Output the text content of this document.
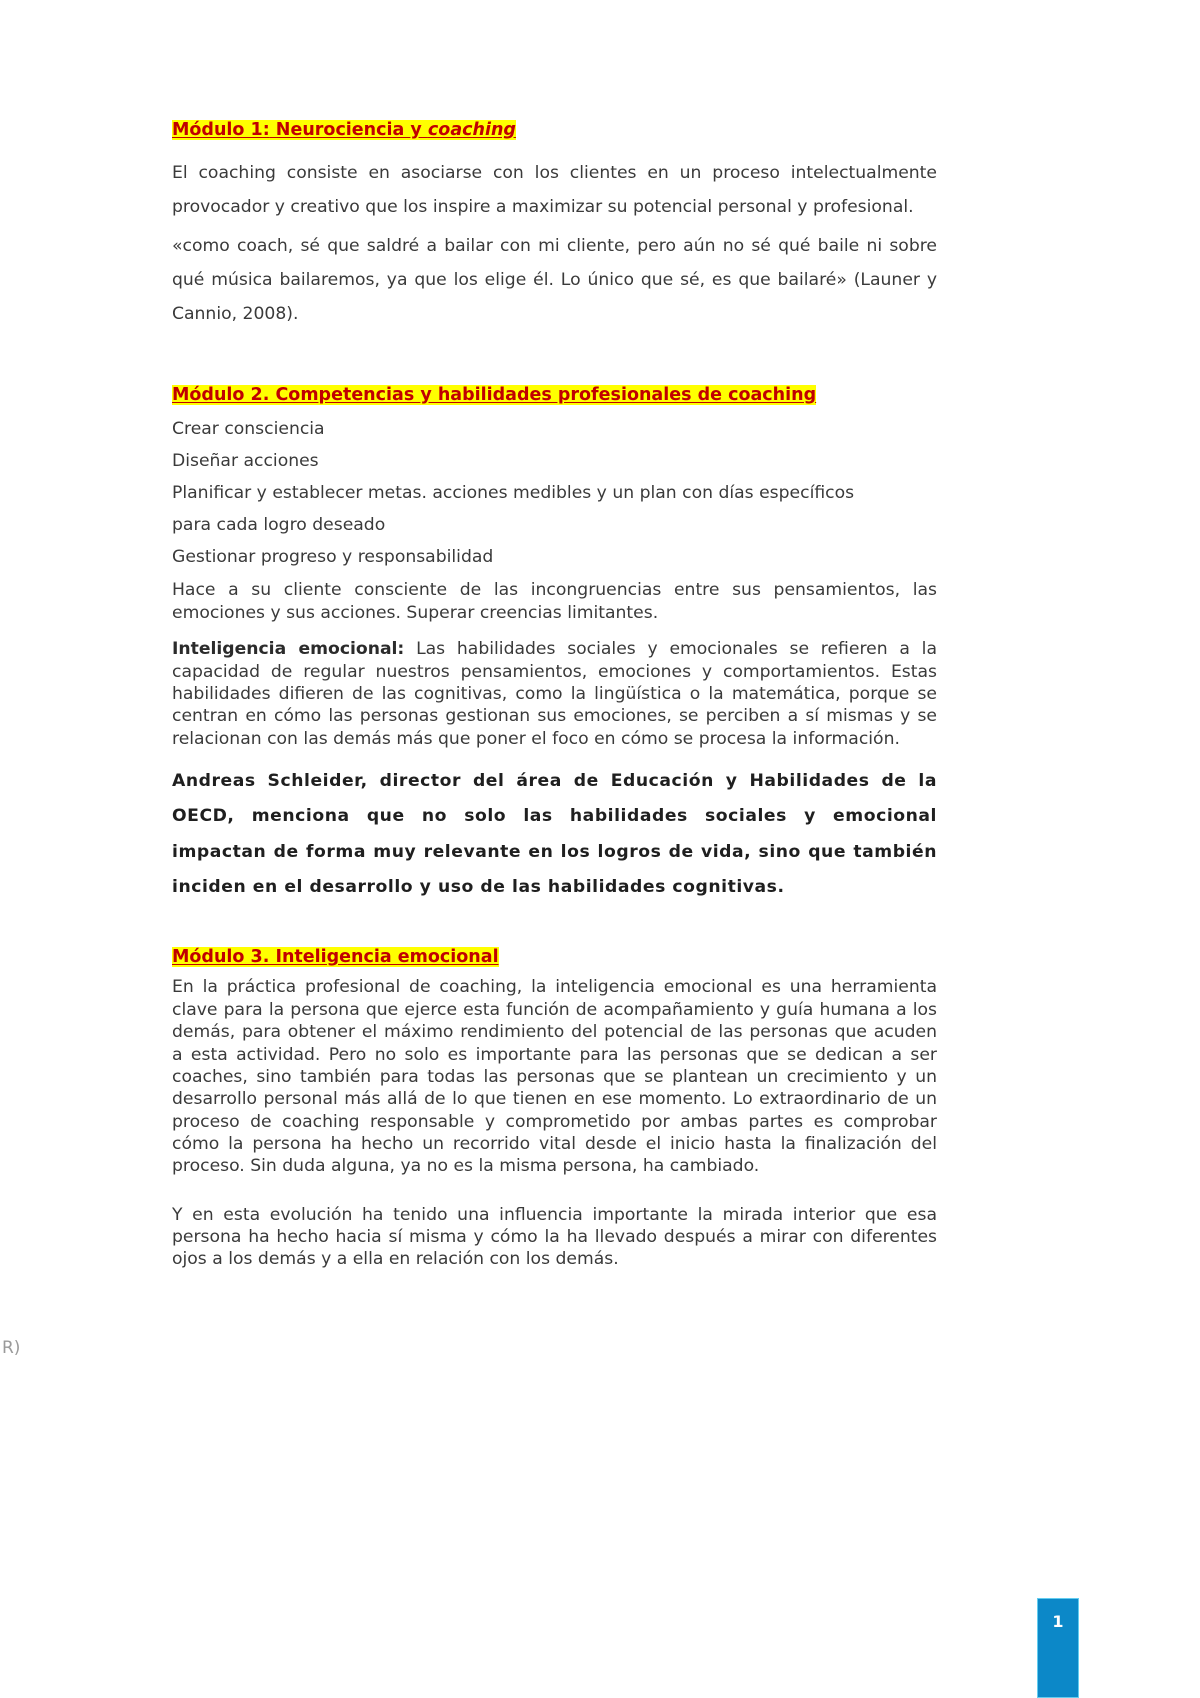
Módulo 1: Neurociencia y coaching

El coaching consiste en asociarse con los clientes en un proceso intelectualmente provocador y creativo que los inspire a maximizar su potencial personal y profesional.

«como coach, sé que saldré a bailar con mi cliente, pero aún no sé qué baile ni sobre qué música bailaremos, ya que los elige él. Lo único que sé, es que bailaré» (Launer y Cannio, 2008).

Módulo 2. Competencias y habilidades profesionales de coaching

Crear consciencia

Diseñar acciones

Planificar y establecer metas. acciones medibles y un plan con días específicos

para cada logro deseado

Gestionar progreso y responsabilidad

Hace a su cliente consciente de las incongruencias entre sus pensamientos, las emociones y sus acciones. Superar creencias limitantes.

Inteligencia emocional: Las habilidades sociales y emocionales se refieren a la capacidad de regular nuestros pensamientos, emociones y comportamientos. Estas habilidades difieren de las cognitivas, como la lingüística o la matemática, porque se centran en cómo las personas gestionan sus emociones, se perciben a sí mismas y se relacionan con las demás más que poner el foco en cómo se procesa la información.

Andreas Schleider, director del área de Educación y Habilidades de la OECD, menciona que no solo las habilidades sociales y emocional impactan de forma muy relevante en los logros de vida, sino que también inciden en el desarrollo y uso de las habilidades cognitivas.

Módulo 3. Inteligencia emocional

En la práctica profesional de coaching, la inteligencia emocional es una herramienta clave para la persona que ejerce esta función de acompañamiento y guía humana a los demás, para obtener el máximo rendimiento del potencial de las personas que acuden a esta actividad. Pero no solo es importante para las personas que se dedican a ser coaches, sino también para todas las personas que se plantean un crecimiento y un desarrollo personal más allá de lo que tienen en ese momento. Lo extraordinario de un proceso de coaching responsable y comprometido por ambas partes es comprobar cómo la persona ha hecho un recorrido vital desde el inicio hasta la finalización del proceso. Sin duda alguna, ya no es la misma persona, ha cambiado.

Y en esta evolución ha tenido una influencia importante la mirada interior que esa persona ha hecho hacia sí misma y cómo la ha llevado después a mirar con diferentes ojos a los demás y a ella en relación con los demás.

R)
1
